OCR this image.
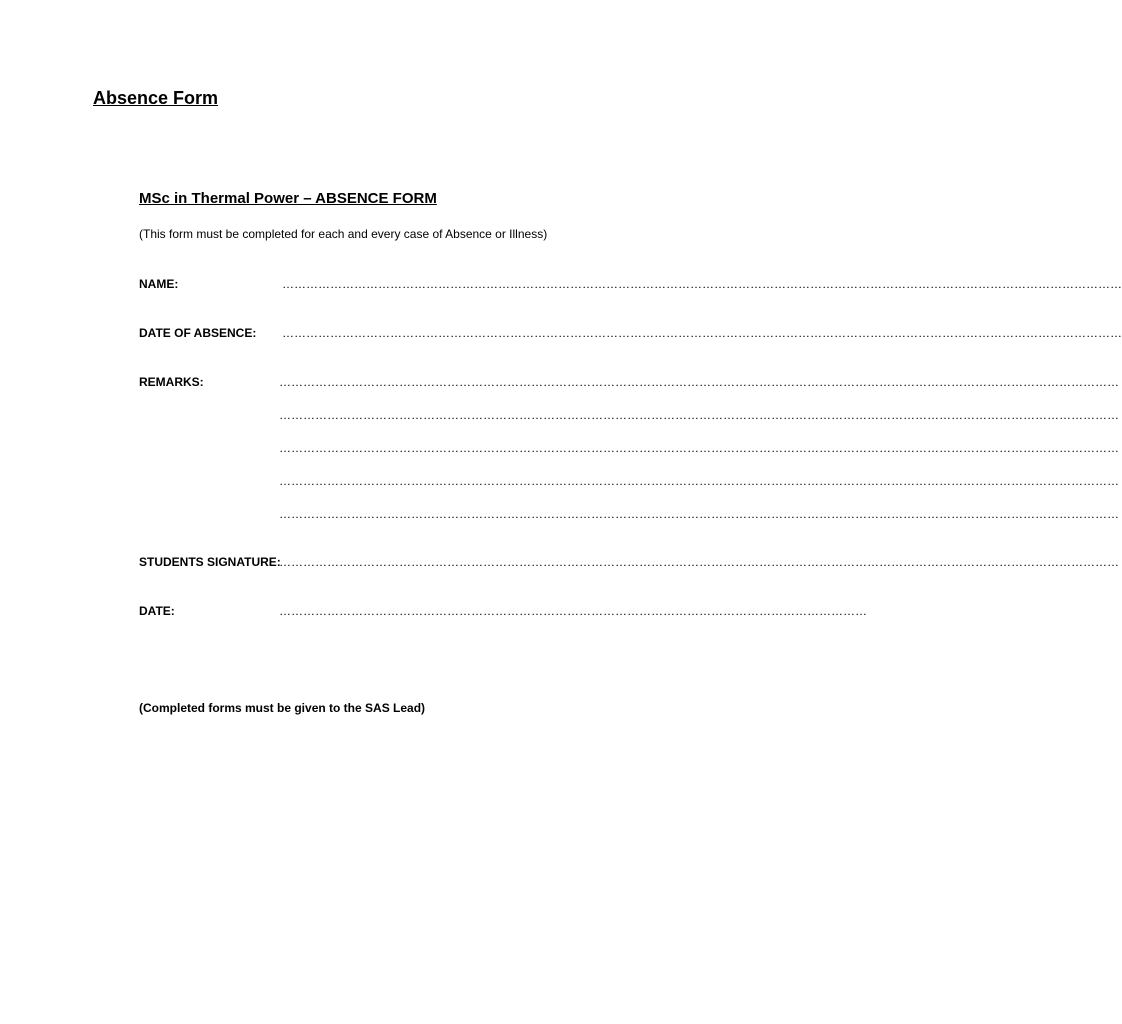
Absence Form
MSc in Thermal Power – ABSENCE FORM
(This form must be completed for each and every case of Absence or Illness)
NAME:	…………………………………………………………………………………………………………………………………………………………………………………………
DATE OF ABSENCE: …………………………………………………………………………………………………………………………………………………………………………………………
REMARKS:	…………………………………………………………………………………………………………………………………………………………………………………………
…………………………………………………………………………………………………………………………………………………………………………………………
…………………………………………………………………………………………………………………………………………………………………………………………
…………………………………………………………………………………………………………………………………………………………………………………………
…………………………………………………………………………………………………………………………………………………………………………………………
STUDENTS SIGNATURE:
…………………………………………………………………………………………………………………………………………………………………………………………
DATE:	…………………………………………………………………………………………………………………………………
(Completed forms must be given to the SAS Lead)
